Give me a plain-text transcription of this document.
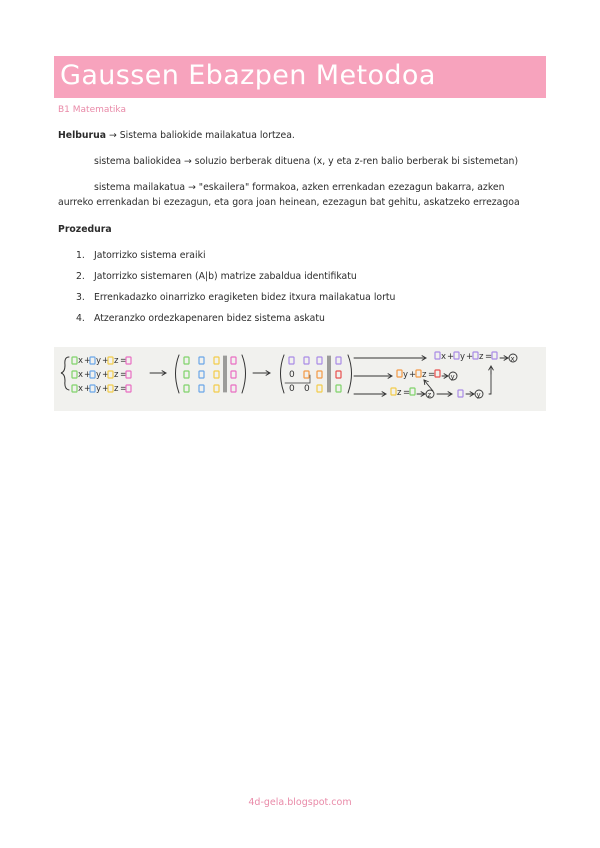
Gaussen Ebazpen Metodoa
B1 Matematika
Helburua → Sistema baliokide mailakatua lortzea.
sistema baliokidea → soluzio berberak dituena (x, y eta z-ren balio berberak bi sistemetan)
sistema mailakatua → "eskailera" formakoa, azken errenkadan ezezagun bakarra, azken
aurreko errenkadan bi ezezagun, eta gora joan heinean, ezezagun bat gehitu, askatzeko errezagoa
Prozedura
1. Jatorrizko sistema eraiki
2. Jatorrizko sistemaren (A|b) matrize zabaldua identifikatu
3. Errenkadazko oinarrizko eragiketen bidez itxura mailakatua lortu
4. Atzeranzko ordezkapenaren bidez sistema askatu
x + y + z =
x + y + z =
x + y + z =
0
0 0
x + y + z =	x
y + z = y
z = z	y
4d-gela.blogspot.com
